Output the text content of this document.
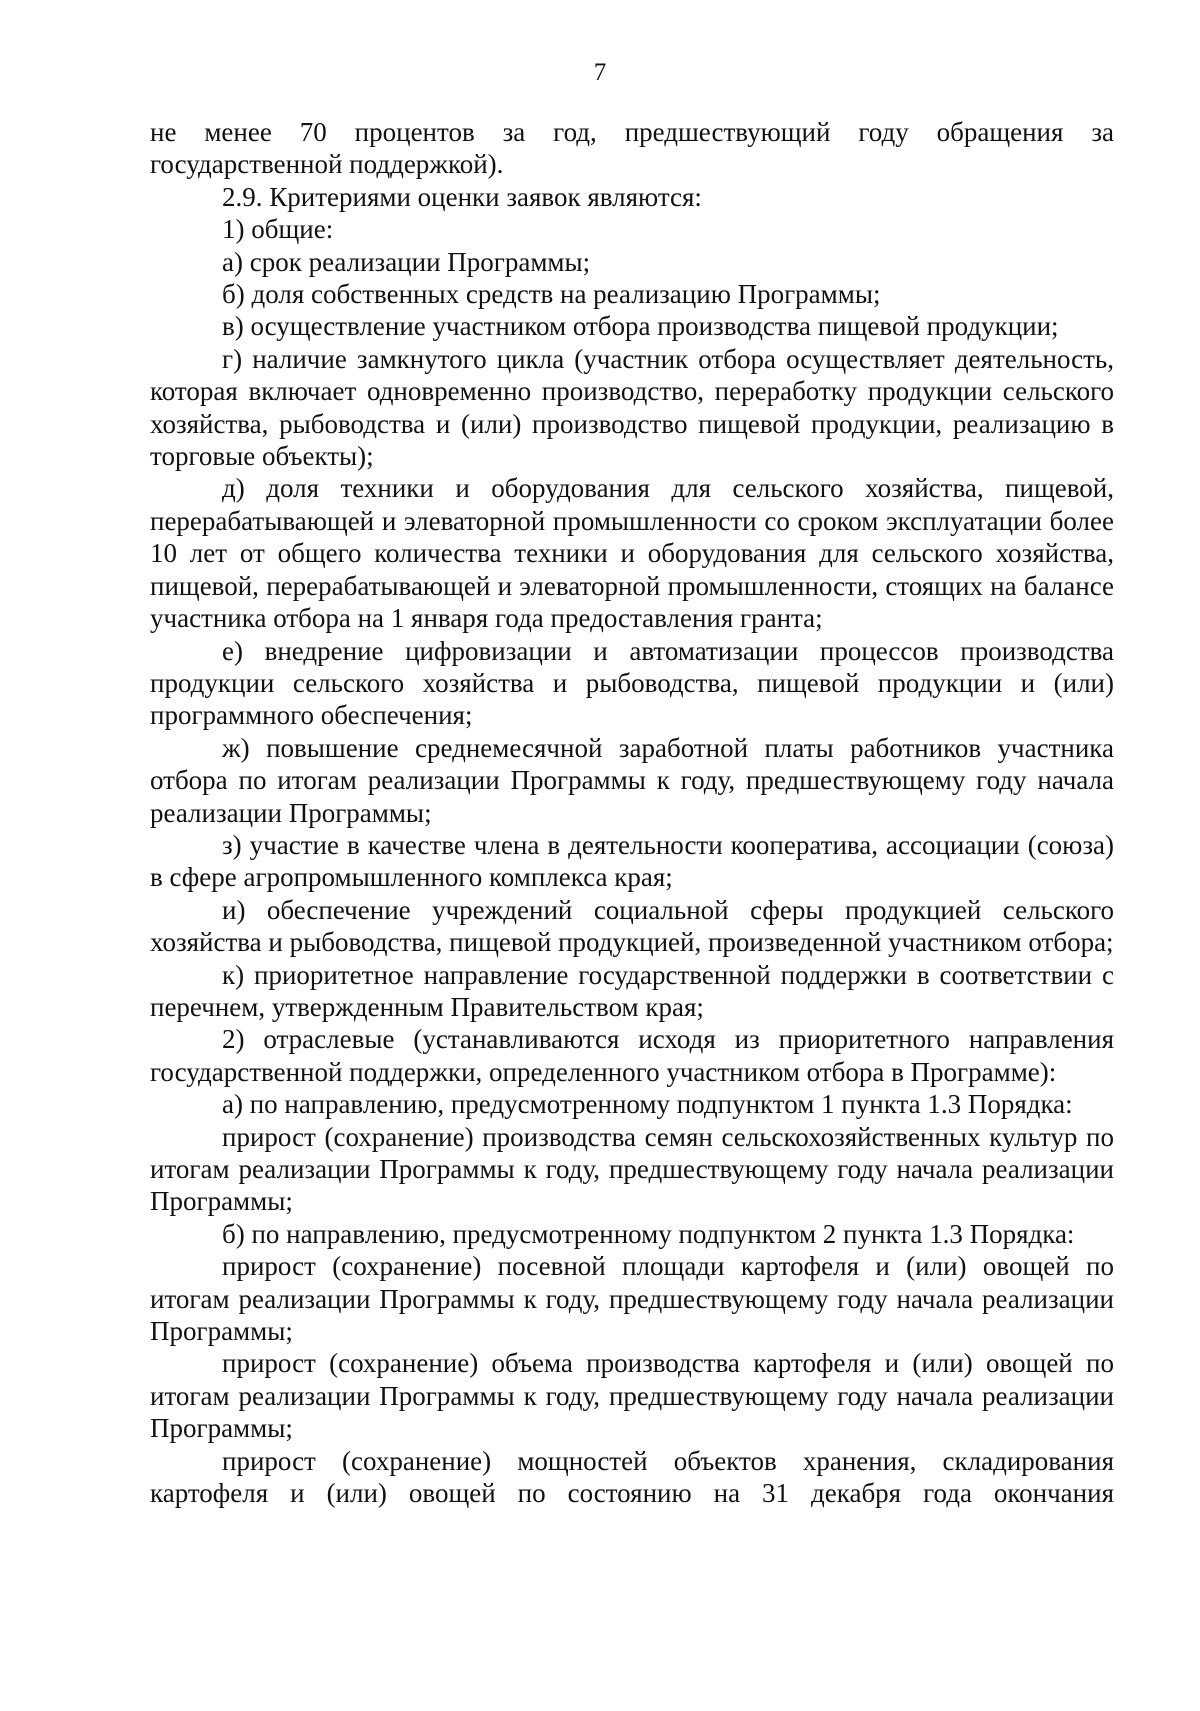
7

не менее 70 процентов за год, предшествующий году обращения за государственной поддержкой).

2.9. Критериями оценки заявок являются:

1) общие:

а) срок реализации Программы;

б) доля собственных средств на реализацию Программы;

в) осуществление участником отбора производства пищевой продукции;

г) наличие замкнутого цикла (участник отбора осуществляет деятельность, которая включает одновременно производство, переработку продукции сельского хозяйства, рыбоводства и (или) производство пищевой продукции, реализацию в торговые объекты);

д) доля техники и оборудования для сельского хозяйства, пищевой, перерабатывающей и элеваторной промышленности со сроком эксплуатации более 10 лет от общего количества техники и оборудования для сельского хозяйства, пищевой, перерабатывающей и элеваторной промышленности, стоящих на балансе участника отбора на 1 января года предоставления гранта;

е) внедрение цифровизации и автоматизации процессов производства продукции сельского хозяйства и рыбоводства, пищевой продукции и (или) программного обеспечения;

ж) повышение среднемесячной заработной платы работников участника отбора по итогам реализации Программы к году, предшествующему году начала реализации Программы;

з) участие в качестве члена в деятельности кооператива, ассоциации (союза) в сфере агропромышленного комплекса края;

и) обеспечение учреждений социальной сферы продукцией сельского хозяйства и рыбоводства, пищевой продукцией, произведенной участником отбора;

к) приоритетное направление государственной поддержки в соответствии с перечнем, утвержденным Правительством края;

2) отраслевые (устанавливаются исходя из приоритетного направления государственной поддержки, определенного участником отбора в Программе):

а) по направлению, предусмотренному подпунктом 1 пункта 1.3 Порядка:

прирост (сохранение) производства семян сельскохозяйственных культур по итогам реализации Программы к году, предшествующему году начала реализации Программы;

б) по направлению, предусмотренному подпунктом 2 пункта 1.3 Порядка:

прирост (сохранение) посевной площади картофеля и (или) овощей по итогам реализации Программы к году, предшествующему году начала реализации Программы;

прирост (сохранение) объема производства картофеля и (или) овощей по итогам реализации Программы к году, предшествующему году начала реализации Программы;

прирост (сохранение) мощностей объектов хранения, складирования картофеля и (или) овощей по состоянию на 31 декабря года окончания
